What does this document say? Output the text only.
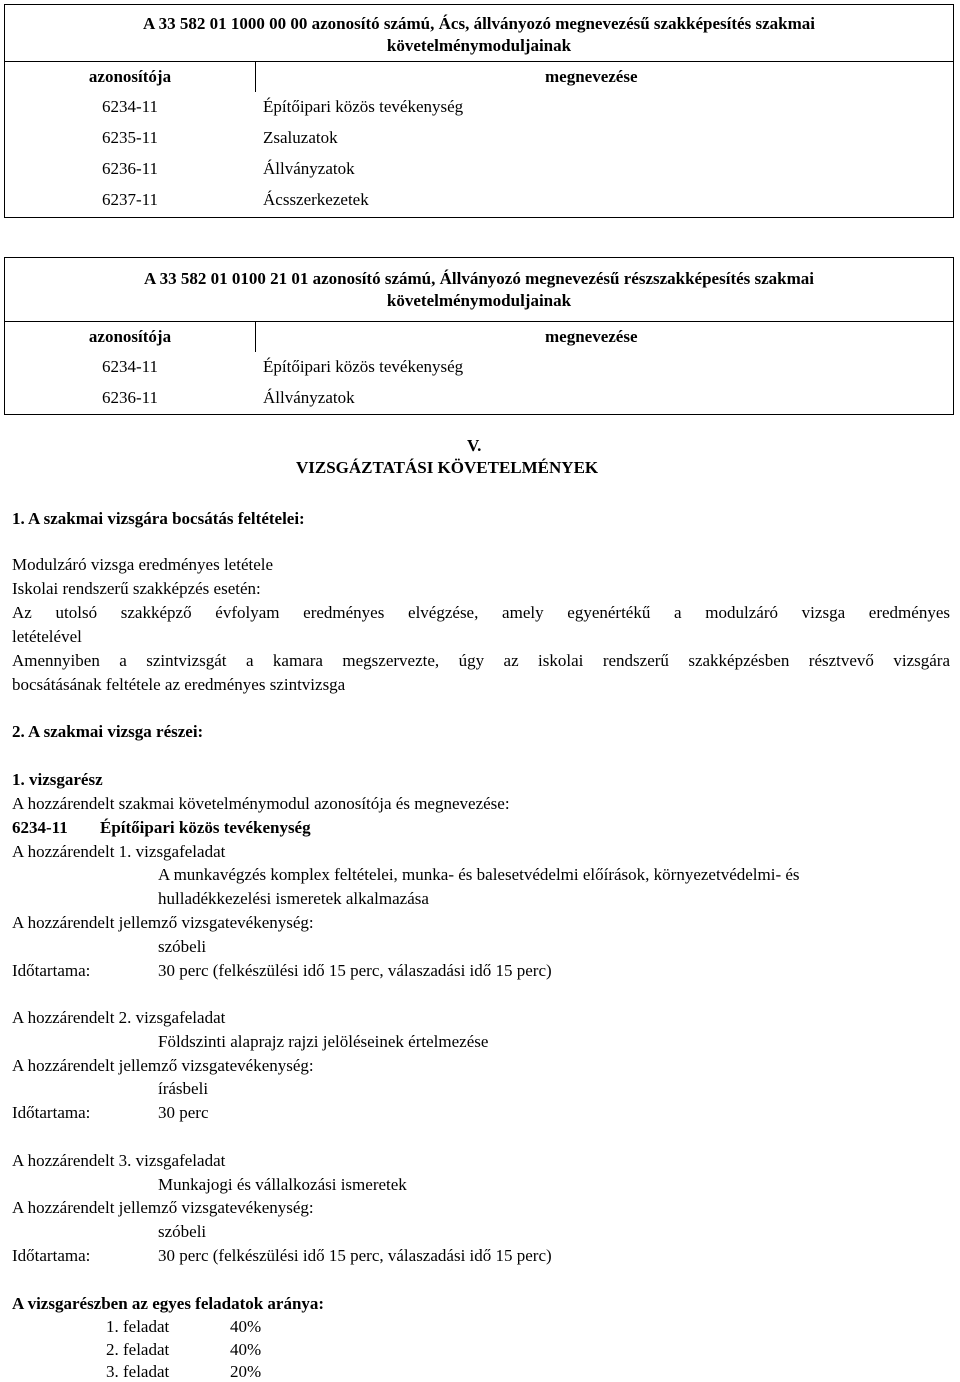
A 33 582 01 1000 00 00 azonosító számú, Ács, állványozó megnevezésű szakképesítés szakmai követelménymoduljainak
azonosítója	megnevezése
6234-11	Építőipari közös tevékenység
6235-11	Zsaluzatok
6236-11	Állványzatok
6237-11	Ácsszerkezetek
A 33 582 01 0100 21 01 azonosító számú, Állványozó megnevezésű részszakképesítés szakmai követelménymoduljainak
azonosítója	megnevezése
6234-11	Építőipari közös tevékenység
6236-11	Állványzatok
V.
VIZSGÁZTATÁSI KÖVETELMÉNYEK
1. A szakmai vizsgára bocsátás feltételei:
Modulzáró vizsga eredményes letétele
Iskolai rendszerű szakképzés esetén:
Az utolsó szakképző évfolyam eredményes elvégzése, amely egyenértékű a modulzáró vizsga eredményes
letételével
Amennyiben a szintvizsgát a kamara megszervezte, úgy az iskolai rendszerű szakképzésben résztvevő vizsgára
bocsátásának feltétele az eredményes szintvizsga
2. A szakmai vizsga részei:
1. vizsgarész
A hozzárendelt szakmai követelménymodul azonosítója és megnevezése:
6234-11 Építőipari közös tevékenység
A hozzárendelt 1. vizsgafeladat
A munkavégzés komplex feltételei, munka- és balesetvédelmi előírások, környezetvédelmi- és
hulladékkezelési ismeretek alkalmazása
A hozzárendelt jellemző vizsgatevékenység:
szóbeli
Időtartama:	30 perc (felkészülési idő 15 perc, válaszadási idő 15 perc)
A hozzárendelt 2. vizsgafeladat
Földszinti alaprajz rajzi jelöléseinek értelmezése
A hozzárendelt jellemző vizsgatevékenység:
írásbeli
Időtartama:	30 perc
A hozzárendelt 3. vizsgafeladat
Munkajogi és vállalkozási ismeretek
A hozzárendelt jellemző vizsgatevékenység:
szóbeli
Időtartama:	30 perc (felkészülési idő 15 perc, válaszadási idő 15 perc)
A vizsgarészben az egyes feladatok aránya:
1. feladat	40%
2. feladat	40%
3. feladat	20%
